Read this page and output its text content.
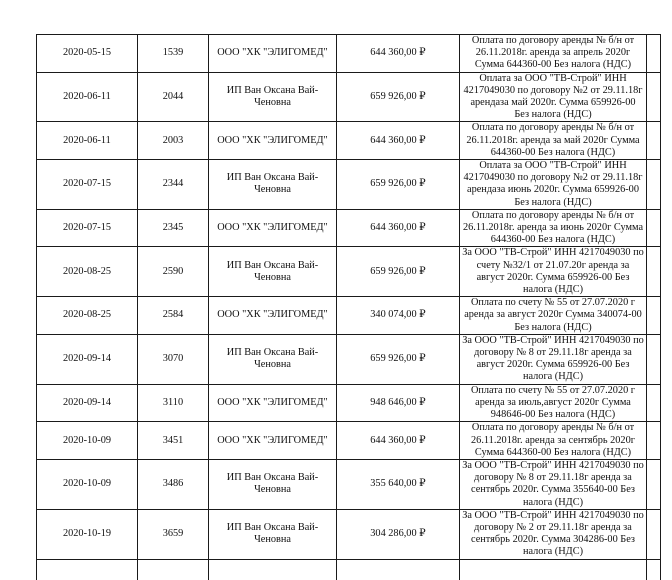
2020-05-15	1539	ООО "ХК "ЭЛИГОМЕД"	644 360,00 ₽	Оплата по договору аренды № б/н от 26.11.2018г. аренда за апрель 2020г Сумма 644360-00 Без налога (НДС)	
2020-06-11	2044	ИП Ван Оксана Вай-Ченовна	659 926,00 ₽	Оплата за ООО "ТВ-Строй" ИНН 4217049030 по договору №2 от 29.11.18г арендаза май 2020г. Сумма 659926-00 Без налога (НДС)	
2020-06-11	2003	ООО "ХК "ЭЛИГОМЕД"	644 360,00 ₽	Оплата по договору аренды № б/н от 26.11.2018г. аренда за май 2020г Сумма 644360-00 Без налога (НДС)	
2020-07-15	2344	ИП Ван Оксана Вай-Ченовна	659 926,00 ₽	Оплата за ООО "ТВ-Строй" ИНН 4217049030 по договору №2 от 29.11.18г арендаза июнь 2020г. Сумма 659926-00 Без налога (НДС)	
2020-07-15	2345	ООО "ХК "ЭЛИГОМЕД"	644 360,00 ₽	Оплата по договору аренды № б/н от 26.11.2018г. аренда за июнь 2020г Сумма 644360-00 Без налога (НДС)	
2020-08-25	2590	ИП Ван Оксана Вай-Ченовна	659 926,00 ₽	За ООО "ТВ-Строй" ИНН 4217049030 по счету №32/1 от 21.07.20г аренда за август 2020г. Сумма 659926-00 Без налога (НДС)	
2020-08-25	2584	ООО "ХК "ЭЛИГОМЕД"	340 074,00 ₽	Оплата по счету № 55 от 27.07.2020 г аренда за август 2020г Сумма 340074-00 Без налога (НДС)	
2020-09-14	3070	ИП Ван Оксана Вай-Ченовна	659 926,00 ₽	За ООО "ТВ-Строй" ИНН 4217049030 по договору № 8 от 29.11.18г аренда за август 2020г. Сумма 659926-00 Без налога (НДС)	
2020-09-14	3110	ООО "ХК "ЭЛИГОМЕД"	948 646,00 ₽	Оплата по счету № 55 от 27.07.2020 г аренда за июль,август 2020г Сумма 948646-00 Без налога (НДС)	
2020-10-09	3451	ООО "ХК "ЭЛИГОМЕД"	644 360,00 ₽	Оплата по договору аренды № б/н от 26.11.2018г. аренда за сентябрь 2020г Сумма 644360-00 Без налога (НДС)	
2020-10-09	3486	ИП Ван Оксана Вай-Ченовна	355 640,00 ₽	За ООО "ТВ-Строй" ИНН 4217049030 по договору № 8 от 29.11.18г аренда за сентябрь 2020г. Сумма 355640-00 Без налога (НДС)	
2020-10-19	3659	ИП Ван Оксана Вай-Ченовна	304 286,00 ₽	За ООО "ТВ-Строй" ИНН 4217049030 по договору № 2 от 29.11.18г аренда за сентябрь 2020г. Сумма 304286-00 Без налога (НДС)	
